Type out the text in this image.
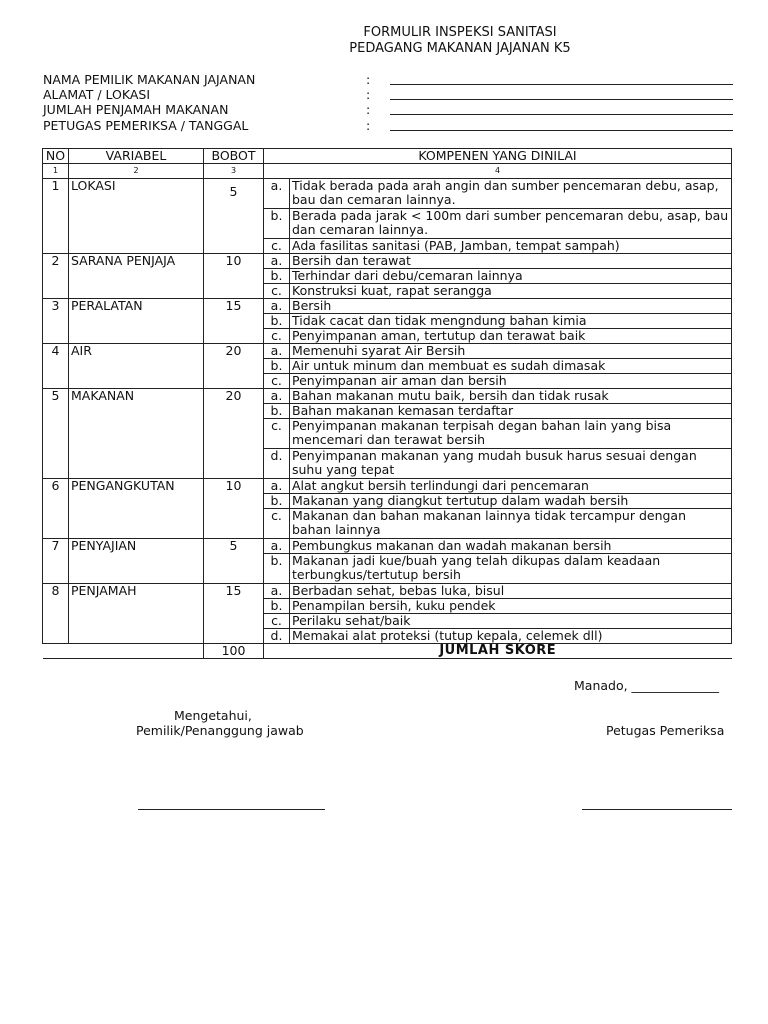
FORMULIR INSPEKSI SANITASI
PEDAGANG MAKANAN JAJANAN K5
NAMA PEMILIK MAKANAN JAJANAN	:
ALAMAT / LOKASI	:
JUMLAH PENJAMAH MAKANAN	:
PETUGAS PEMERIKSA / TANGGAL	:
NO	VARIABEL	BOBOT	KOMPENEN YANG DINILAI	
1	2	3	4	
1	LOKASI	5	a.	Tidak berada pada arah angin dan sumber pencemaran debu, asap, bau dan cemaran lainnya.
			b.	Berada pada jarak < 100m dari sumber pencemaran debu, asap, bau dan cemaran lainnya.
			c.	Ada fasilitas sanitasi (PAB, Jamban, tempat sampah)
2	SARANA PENJAJA	10	a.	Bersih dan terawat
			b.	Terhindar dari debu/cemaran lainnya
			c.	Konstruksi kuat, rapat serangga
3	PERALATAN	15	a.	Bersih
			b.	Tidak cacat dan tidak mengndung bahan kimia
			c.	Penyimpanan aman, tertutup dan terawat baik
4	AIR	20	a.	Memenuhi syarat Air Bersih
			b.	Air untuk minum dan membuat es sudah dimasak
			c.	Penyimpanan air aman dan bersih
5	MAKANAN	20	a.	Bahan makanan mutu baik, bersih dan tidak rusak
			b.	Bahan makanan kemasan terdaftar
			c.	Penyimpanan makanan terpisah degan bahan lain yang bisa mencemari dan terawat bersih
			d.	Penyimpanan makanan yang mudah busuk harus sesuai dengan suhu yang tepat
6	PENGANGKUTAN	10	a.	Alat angkut bersih terlindungi dari pencemaran
			b.	Makanan yang diangkut tertutup dalam wadah bersih
			c.	Makanan dan bahan makanan lainnya tidak tercampur dengan bahan lainnya
7	PENYAJIAN	5	a.	Pembungkus makanan dan wadah makanan bersih
			b.	Makanan jadi kue/buah yang telah dikupas dalam keadaan terbungkus/tertutup bersih
8	PENJAMAH	15	a.	Berbadan sehat, bebas luka, bisul
			b.	Penampilan bersih, kuku pendek
			c.	Perilaku sehat/baik
			d.	Memakai alat proteksi (tutup kepala, celemek dll)
		100	JUMLAH SKORE	
Manado, ______________
Mengetahui,
Pemilik/Penanggung jawab	Petugas Pemeriksa
